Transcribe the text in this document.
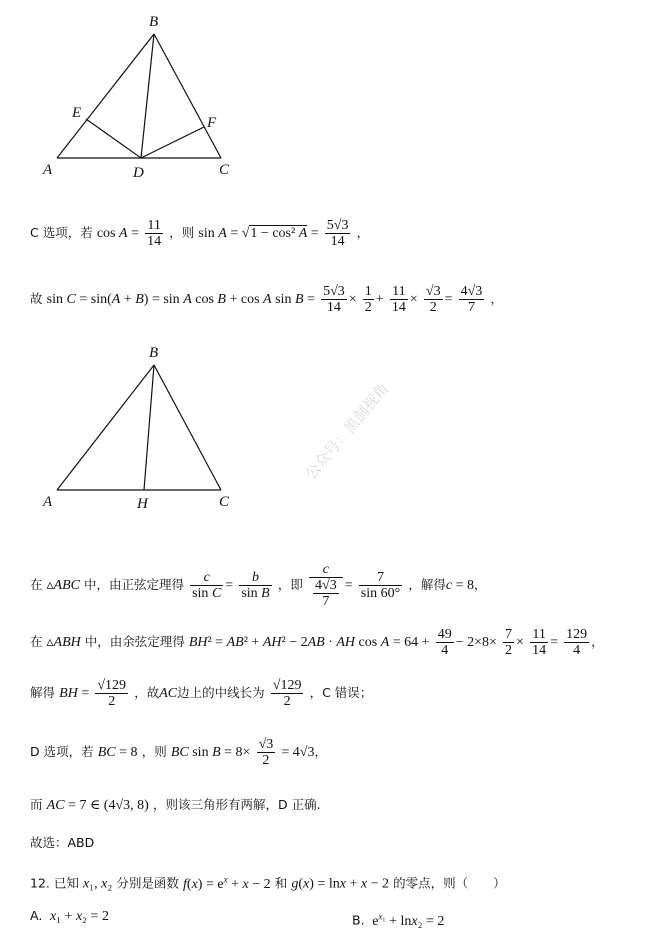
B
E
F
A	D	C
B
A	H	C
公众号：黑洞视角
C 选项，若 $\cos A = \frac{11}{14}$ ，则 sin A = √1 − cos² $A = \frac{5√3}{14}$ ，
故 sin C = sin(A + B) = sin A cos B + cos A $\sin B = \frac{5√3}{14} \times \frac{1}{2} + \frac{11}{14} \times \frac{√3}{2} = \frac{4√3}{7}$ ，
在 ▵ABC 中，由正弦定理得 $\frac{c}{\text{sin C}} = \frac{b}{\text{sin B}}$ ，即 $\frac{c}{\frac{4√3}{7}} = \frac{7}{\sin 60^\circ}$ ，解得c = 8，
在 ▵ABH 中，由余弦定理得 BH² = AB² + AH² − 2AB · AH $\cos A = 64 + \frac{49}{4} - 2\times 8\times \frac{7}{2} \times \frac{11}{14} = \frac{129}{4}$ ，
解得 BH = $\frac{√129}{2}$ ，故AC边上的中线长为 $\frac{√129}{2}$ ，C 错误；
D 选项，若 BC = 8 ，则 BC $\sin B = 8\times \frac{√3}{2} = 4√3$，
而 AC = 7 ∈ (4√3, 8) ，则该三角形有两解，D 正确.
故选：ABD
12. 已知 x₁, x₂ 分别是函数 $f(x) = e^x + x - 2$ 和 g(x) = lnx + x − 2 的零点，则（　　）
A. x₁ + x₂ = 2	B.  $e^{x_1} + \ln x_2 = 2$
